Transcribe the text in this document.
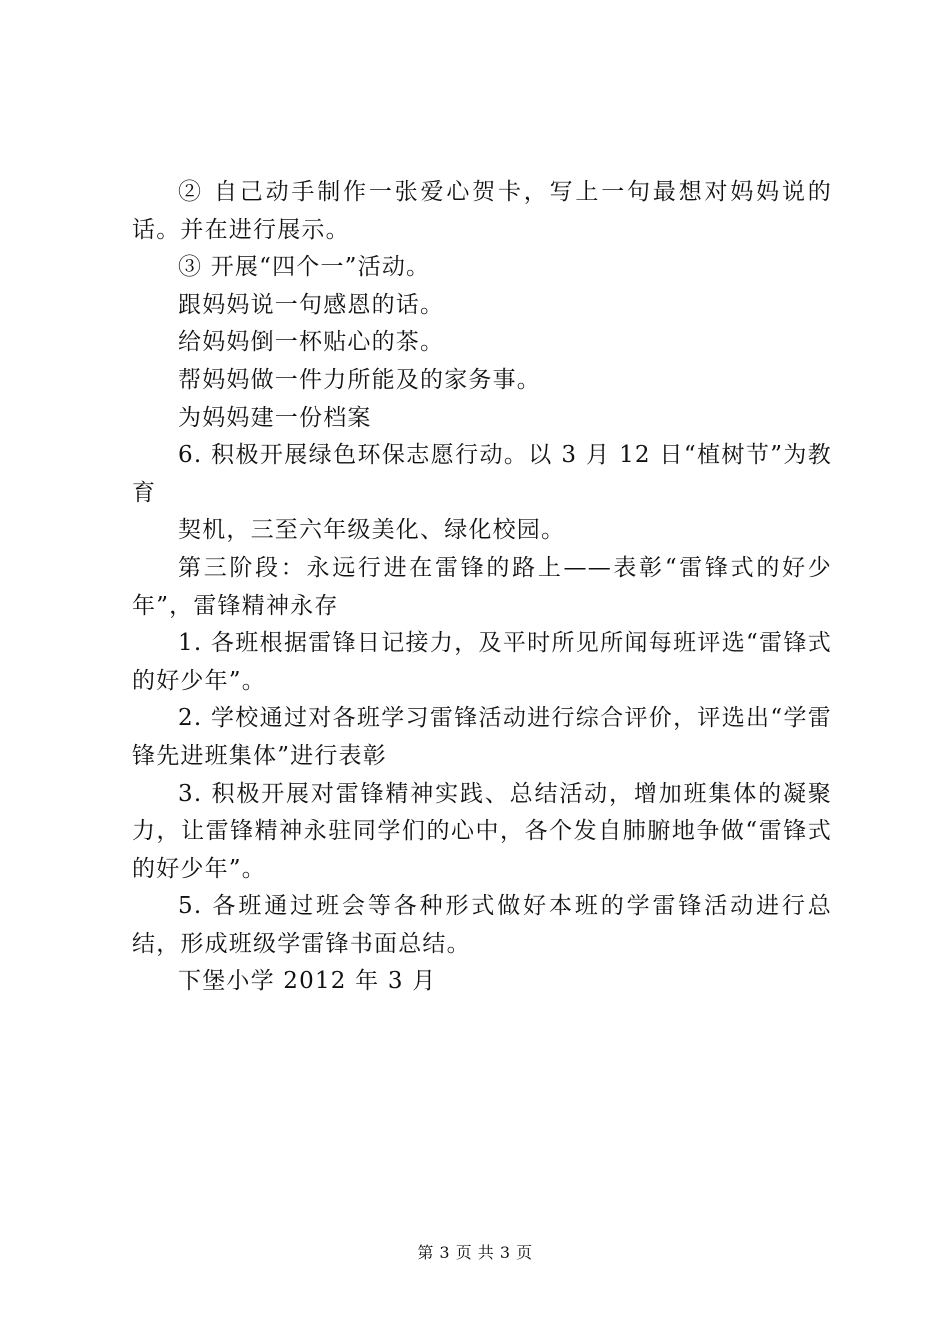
② 自己动手制作一张爱心贺卡，写上一句最想对妈妈说的话。并在进行展示。

③ 开展“四个一”活动。

跟妈妈说一句感恩的话。

给妈妈倒一杯贴心的茶。

帮妈妈做一件力所能及的家务事。

为妈妈建一份档案

6. 积极开展绿色环保志愿行动。以 3 月 12 日“植树节”为教育

契机，三至六年级美化、绿化校园。

第三阶段：永远行进在雷锋的路上——表彰“雷锋式的好少年”，雷锋精神永存

1. 各班根据雷锋日记接力，及平时所见所闻每班评选“雷锋式的好少年”。

2. 学校通过对各班学习雷锋活动进行综合评价，评选出“学雷锋先进班集体”进行表彰

3. 积极开展对雷锋精神实践、总结活动，增加班集体的凝聚力，让雷锋精神永驻同学们的心中，各个发自肺腑地争做“雷锋式的好少年”。

5. 各班通过班会等各种形式做好本班的学雷锋活动进行总结，形成班级学雷锋书面总结。

下堡小学 2012 年 3 月

第 3 页 共 3 页
